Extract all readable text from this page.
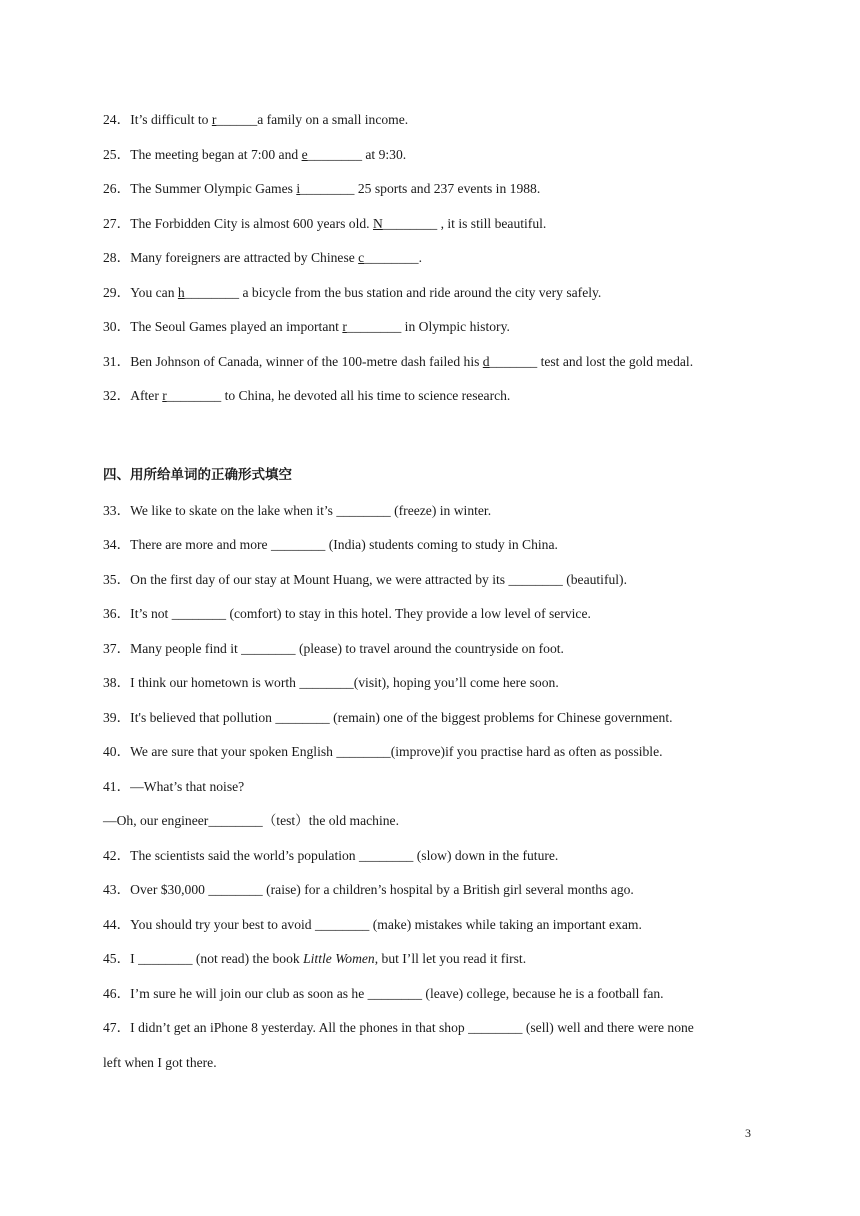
24．It’s difficult to r______a family on a small income.
25．The meeting began at 7:00 and e________ at 9:30.
26．The Summer Olympic Games i________ 25 sports and 237 events in 1988.
27．The Forbidden City is almost 600 years old. N________ , it is still beautiful.
28．Many foreigners are attracted by Chinese c________.
29．You can h________ a bicycle from the bus station and ride around the city very safely.
30．The Seoul Games played an important r________ in Olympic history.
31．Ben Johnson of Canada, winner of the 100-metre dash failed his d_______ test and lost the gold medal.
32．After r________ to China, he devoted all his time to science research.
四、用所给单词的正确形式填空
33．We like to skate on the lake when it’s ________ (freeze) in winter.
34．There are more and more ________ (India) students coming to study in China.
35．On the first day of our stay at Mount Huang, we were attracted by its ________ (beautiful).
36．It’s not ________ (comfort) to stay in this hotel. They provide a low level of service.
37．Many people find it ________ (please) to travel around the countryside on foot.
38．I think our hometown is worth ________(visit), hoping you’ll come here soon.
39．It's believed that pollution ________ (remain) one of the biggest problems for Chinese government.
40．We are sure that your spoken English ________(improve)if you practise hard as often as possible.
41．—What’s that noise?
—Oh, our engineer________（test）the old machine.
42．The scientists said the world’s population ________ (slow) down in the future.
43．Over $30,000 ________ (raise) for a children’s hospital by a British girl several months ago.
44．You should try your best to avoid ________ (make) mistakes while taking an important exam.
45．I ________ (not read) the book Little Women, but I’ll let you read it first.
46．I’m sure he will join our club as soon as he ________ (leave) college, because he is a football fan.
47．I didn’t get an iPhone 8 yesterday. All the phones in that shop ________ (sell) well and there were none
left when I got there.
3
